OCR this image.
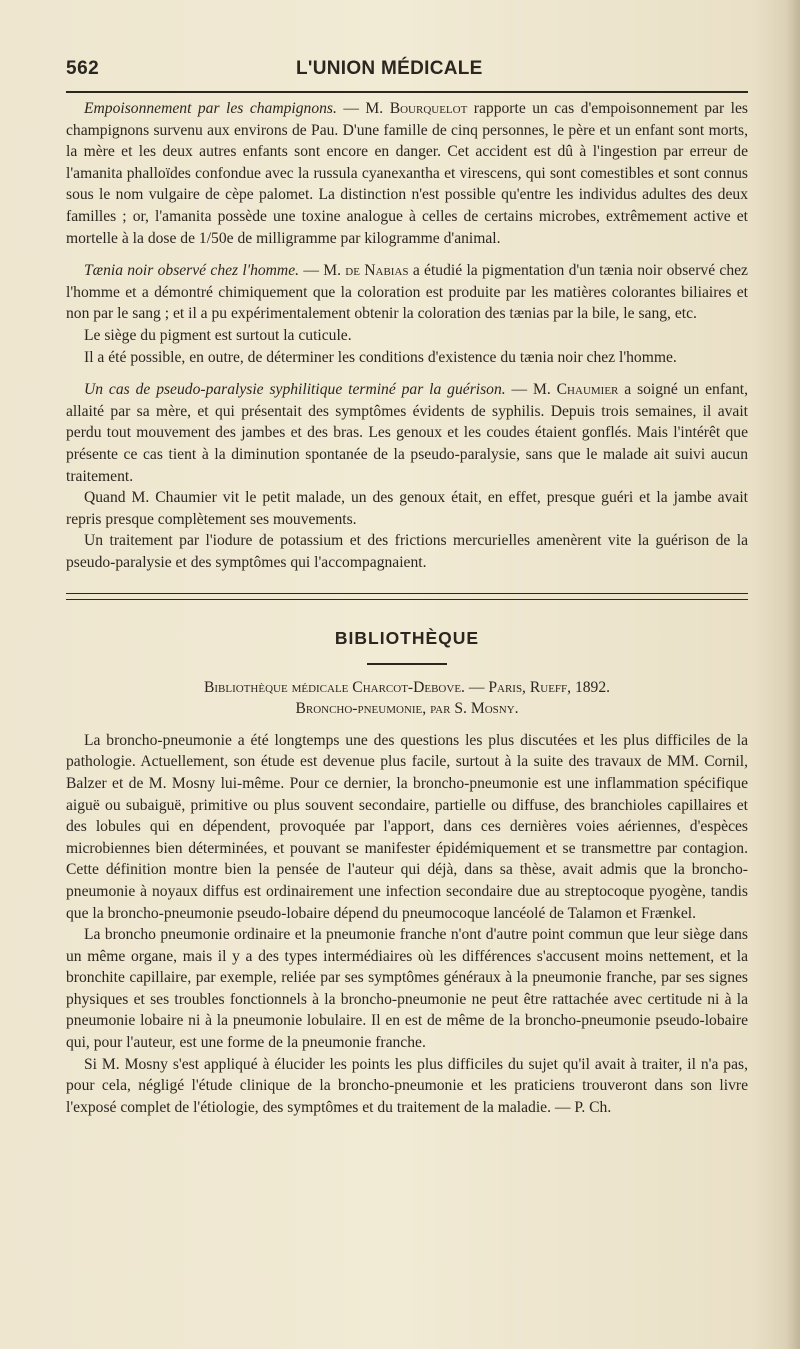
562	L'UNION MÉDICALE

Empoisonnement par les champignons. — M. Bourquelot rapporte un cas d'empoisonnement par les champignons survenu aux environs de Pau. D'une famille de cinq personnes, le père et un enfant sont morts, la mère et les deux autres enfants sont encore en danger. Cet accident est dû à l'ingestion par erreur de l'amanita phalloïdes confondue avec la russula cyanexantha et virescens, qui sont comestibles et sont connus sous le nom vulgaire de cèpe palomet. La distinction n'est possible qu'entre les individus adultes des deux familles ; or, l'amanita possède une toxine analogue à celles de certains microbes, extrêmement active et mortelle à la dose de 1/50e de milligramme par kilogramme d'animal.

Tænia noir observé chez l'homme. — M. de Nabias a étudié la pigmentation d'un tænia noir observé chez l'homme et a démontré chimiquement que la coloration est produite par les matières colorantes biliaires et non par le sang ; et il a pu expérimentalement obtenir la coloration des tænias par la bile, le sang, etc.

Le siège du pigment est surtout la cuticule.

Il a été possible, en outre, de déterminer les conditions d'existence du tænia noir chez l'homme.

Un cas de pseudo-paralysie syphilitique terminé par la guérison. — M. Chaumier a soigné un enfant, allaité par sa mère, et qui présentait des symptômes évidents de syphilis. Depuis trois semaines, il avait perdu tout mouvement des jambes et des bras. Les genoux et les coudes étaient gonflés. Mais l'intérêt que présente ce cas tient à la diminution spontanée de la pseudo-paralysie, sans que le malade ait suivi aucun traitement.

Quand M. Chaumier vit le petit malade, un des genoux était, en effet, presque guéri et la jambe avait repris presque complètement ses mouvements.

Un traitement par l'iodure de potassium et des frictions mercurielles amenèrent vite la guérison de la pseudo-paralysie et des symptômes qui l'accompagnaient.

BIBLIOTHÈQUE

Bibliothèque médicale Charcot-Debove. — Paris, Rueff, 1892.

Broncho-pneumonie, par S. Mosny.

La broncho-pneumonie a été longtemps une des questions les plus discutées et les plus difficiles de la pathologie. Actuellement, son étude est devenue plus facile, surtout à la suite des travaux de MM. Cornil, Balzer et de M. Mosny lui-même. Pour ce dernier, la broncho-pneumonie est une inflammation spécifique aiguë ou subaiguë, primitive ou plus souvent secondaire, partielle ou diffuse, des branchioles capillaires et des lobules qui en dépendent, provoquée par l'apport, dans ces dernières voies aériennes, d'espèces microbiennes bien déterminées, et pouvant se manifester épidémiquement et se transmettre par contagion. Cette définition montre bien la pensée de l'auteur qui déjà, dans sa thèse, avait admis que la broncho-pneumonie à noyaux diffus est ordinairement une infection secondaire due au streptocoque pyogène, tandis que la broncho-pneumonie pseudo-lobaire dépend du pneumocoque lancéolé de Talamon et Frænkel.

La broncho pneumonie ordinaire et la pneumonie franche n'ont d'autre point commun que leur siège dans un même organe, mais il y a des types intermédiaires où les différences s'accusent moins nettement, et la bronchite capillaire, par exemple, reliée par ses symptômes généraux à la pneumonie franche, par ses signes physiques et ses troubles fonctionnels à la broncho-pneumonie ne peut être rattachée avec certitude ni à la pneumonie lobaire ni à la pneumonie lobulaire. Il en est de même de la broncho-pneumonie pseudo-lobaire qui, pour l'auteur, est une forme de la pneumonie franche.

Si M. Mosny s'est appliqué à élucider les points les plus difficiles du sujet qu'il avait à traiter, il n'a pas, pour cela, négligé l'étude clinique de la broncho-pneumonie et les praticiens trouveront dans son livre l'exposé complet de l'étiologie, des symptômes et du traitement de la maladie. — P. Ch.
